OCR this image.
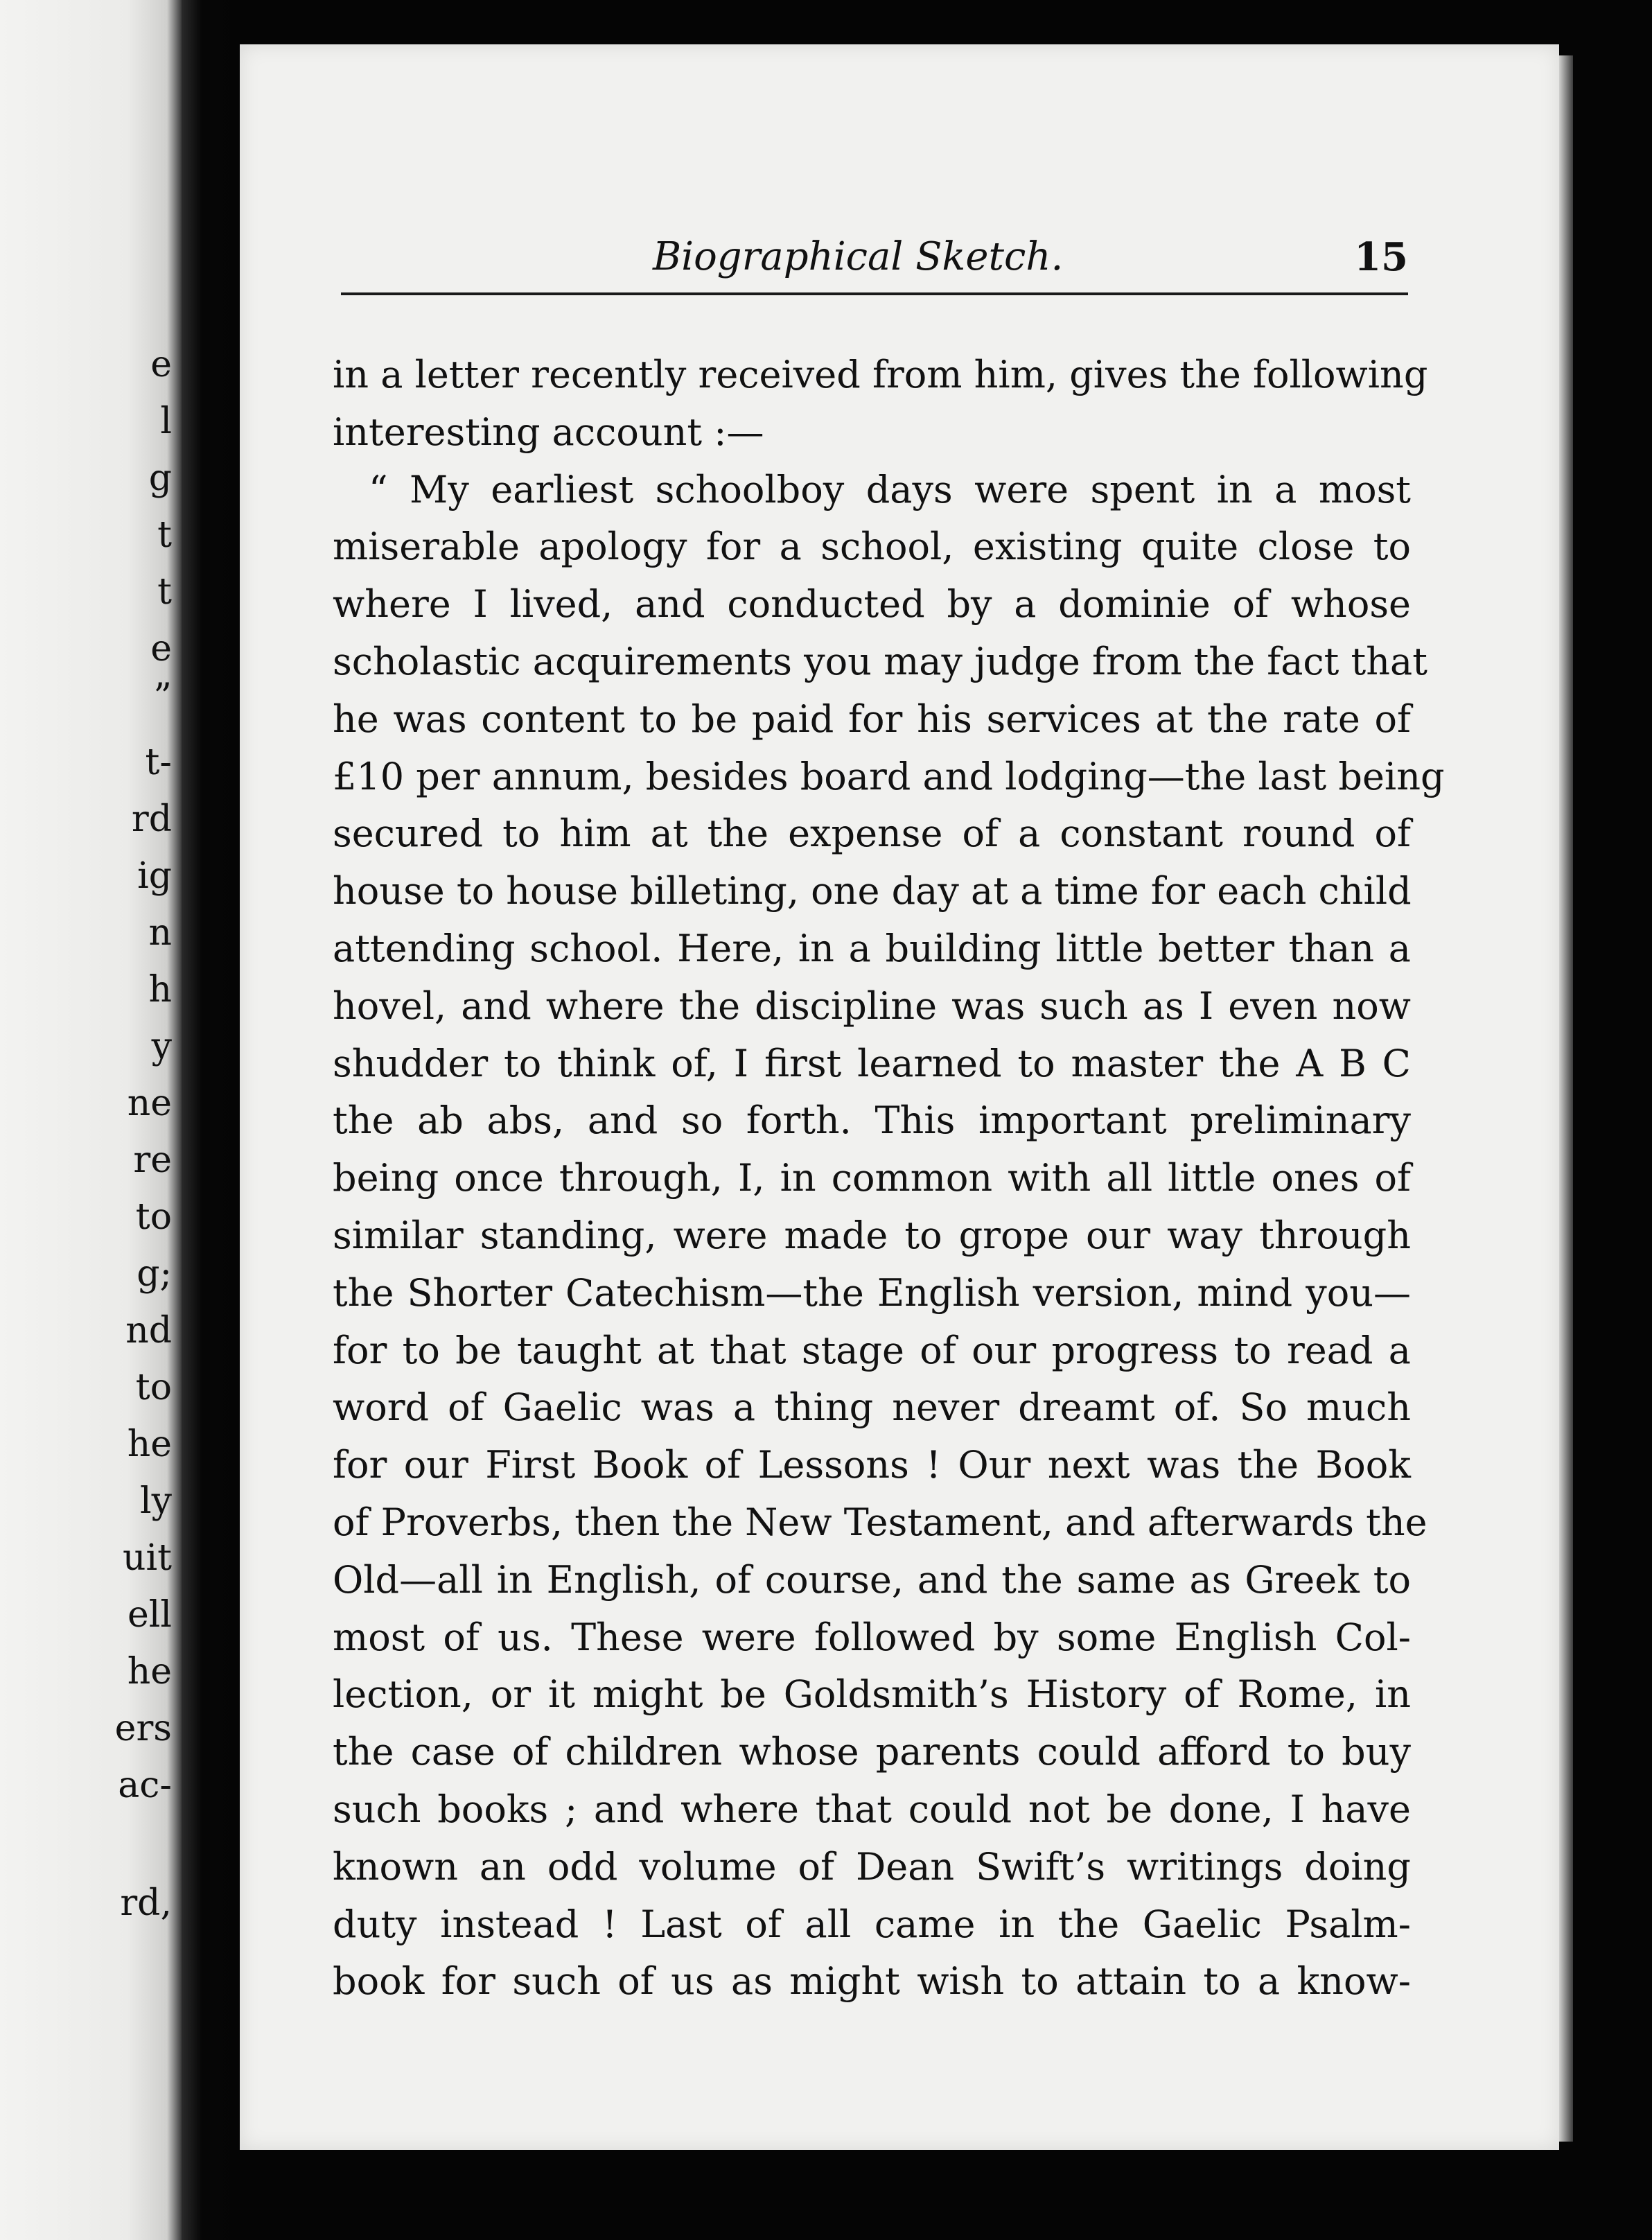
e
l
g
t
t
e
”
t-
rd
ig
n
h
y
ne
re
to
g;
nd
to
he
ly
uit
ell
he
ers
ac-
rd,
Biographical Sketch.	15
in a letter recently received from him, gives the following
interesting account :—
“ My earliest schoolboy days were spent in a most
miserable apology for a school, existing quite close to
where I lived, and conducted by a dominie of whose
scholastic acquirements you may judge from the fact that
he was content to be paid for his services at the rate of
£10 per annum, besides board and lodging—the last being
secured to him at the expense of a constant round of
house to house billeting, one day at a time for each child
attending school. Here, in a building little better than a
hovel, and where the discipline was such as I even now
shudder to think of, I first learned to master the A B C
the ab abs, and so forth. This important preliminary
being once through, I, in common with all little ones of
similar standing, were made to grope our way through
the Shorter Catechism—the English version, mind you—
for to be taught at that stage of our progress to read a
word of Gaelic was a thing never dreamt of. So much
for our First Book of Lessons ! Our next was the Book
of Proverbs, then the New Testament, and afterwards the
Old—all in English, of course, and the same as Greek to
most of us. These were followed by some English Col-
lection, or it might be Goldsmith’s History of Rome, in
the case of children whose parents could afford to buy
such books ; and where that could not be done, I have
known an odd volume of Dean Swift’s writings doing
duty instead ! Last of all came in the Gaelic Psalm-
book for such of us as might wish to attain to a know-
